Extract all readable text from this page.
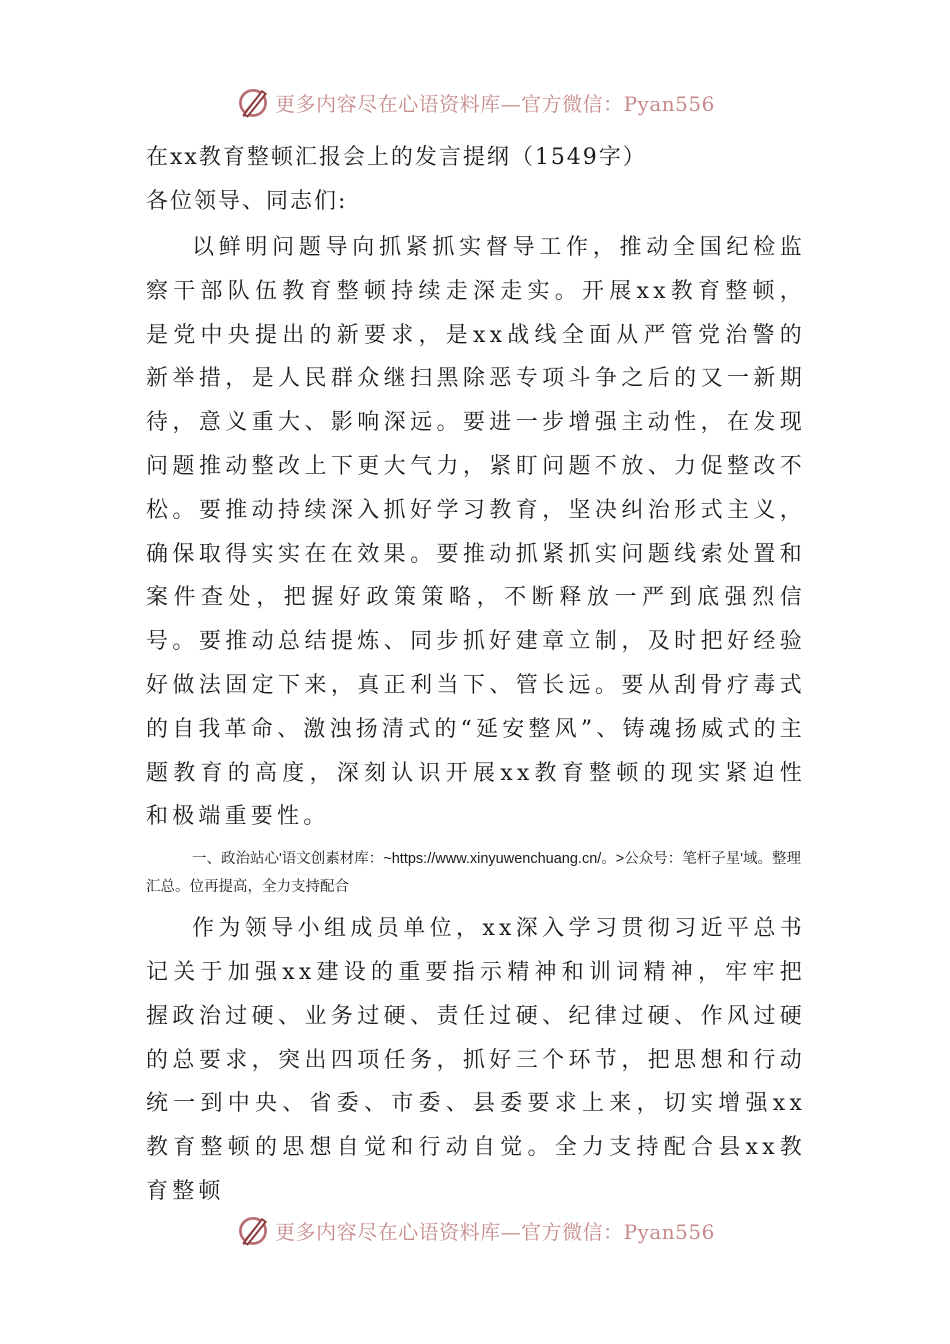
更多内容尽在心语资料库—官方微信：Pyan556
在xx教育整顿汇报会上的发言提纲（1549字）
各位领导、同志们:

以鲜明问题导向抓紧抓实督导工作，推动全国纪检监察干部队伍教育整顿持续走深走实。开展xx教育整顿，是党中央提出的新要求，是xx战线全面从严管党治警的新举措，是人民群众继扫黑除恶专项斗争之后的又一新期待，意义重大、影响深远。要进一步增强主动性，在发现问题推动整改上下更大气力，紧盯问题不放、力促整改不松。要推动持续深入抓好学习教育，坚决纠治形式主义，确保取得实实在在效果。要推动抓紧抓实问题线索处置和案件查处，把握好政策策略，不断释放一严到底强烈信号。要推动总结提炼、同步抓好建章立制，及时把好经验好做法固定下来，真正利当下、管长远。要从刮骨疗毒式的自我革命、激浊扬清式的“延安整风”、铸魂扬威式的主题教育的高度，深刻认识开展xx教育整顿的现实紧迫性和极端重要性。

一、政治站心'语文创素材库：~https://www.xinyuwenchuang.cn/。>公众号：笔杆子星'域。整理汇总。位再提高，全力支持配合

作为领导小组成员单位，xx深入学习贯彻习近平总书记关于加强xx建设的重要指示精神和训词精神，牢牢把握政治过硬、业务过硬、责任过硬、纪律过硬、作风过硬的总要求，突出四项任务，抓好三个环节，把思想和行动统一到中央、省委、市委、县委要求上来，切实增强xx教育整顿的思想自觉和行动自觉。全力支持配合县xx教育整顿

更多内容尽在心语资料库—官方微信：Pyan556
